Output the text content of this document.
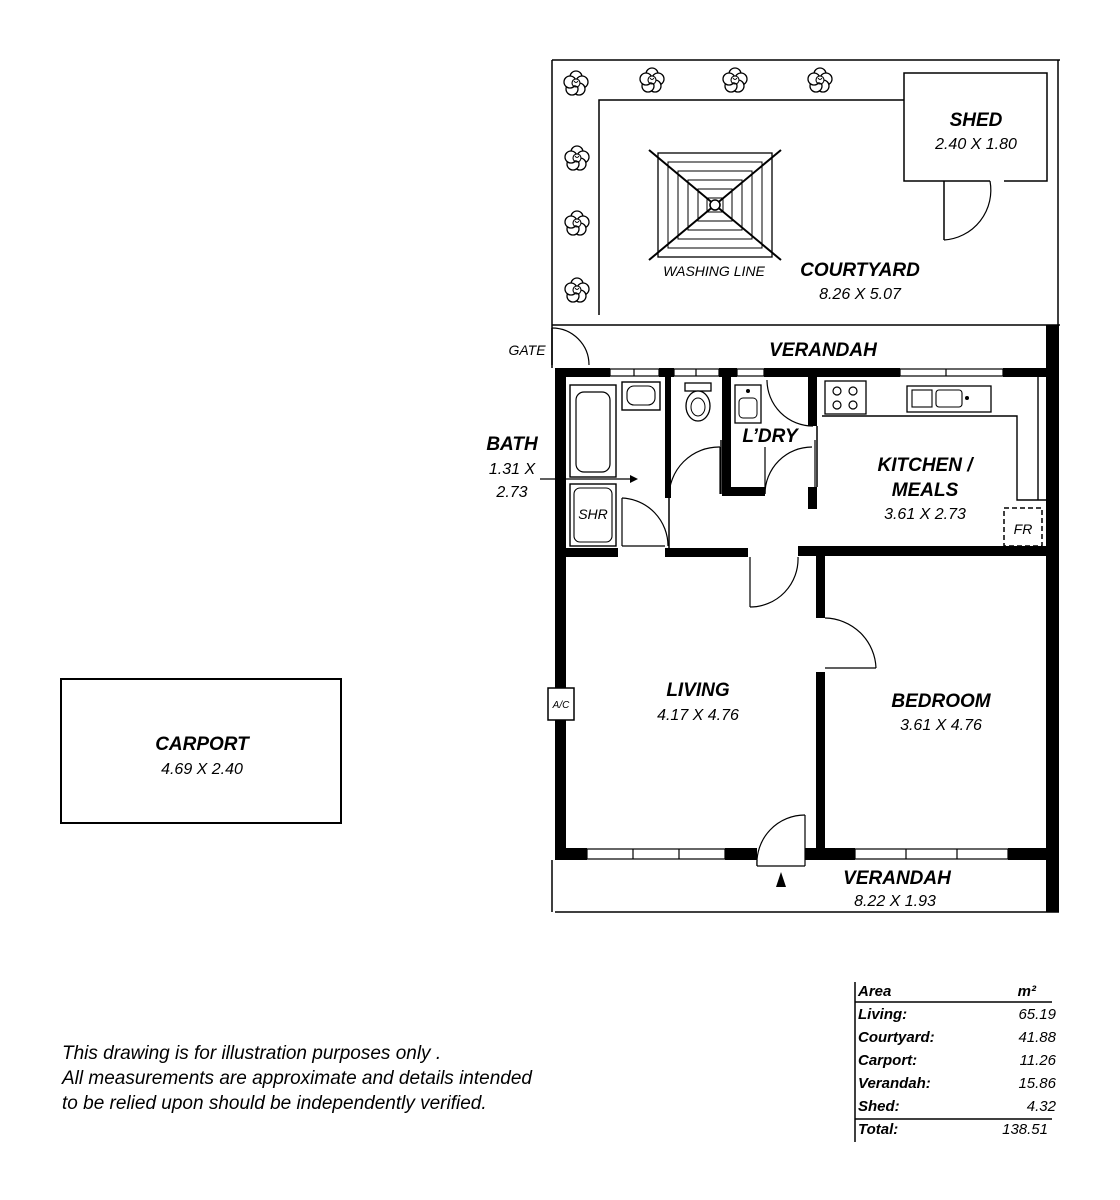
SHED
2.40 X 1.80
WASHING LINE COURTYARD
8.26 X 5.07
GATE	VERANDAH
SHR
BATH
1.31 X
2.73
L’DRY
FR
KITCHEN /
MEALS
3.61 X 2.73
LIVING
4.17 X 4.76
BEDROOM
3.61 X 4.76
A/C
VERANDAH
8.22 X 1.93
CARPORT
4.69 X 2.40
This drawing is for illustration purposes only .
All measurements are approximate and details intended
to be relied upon should be independently verified.
Area	m²
Living:	65.19
Courtyard:	41.88
Carport:	11.26
Verandah:	15.86
Shed:	4.32
Total:	138.51
